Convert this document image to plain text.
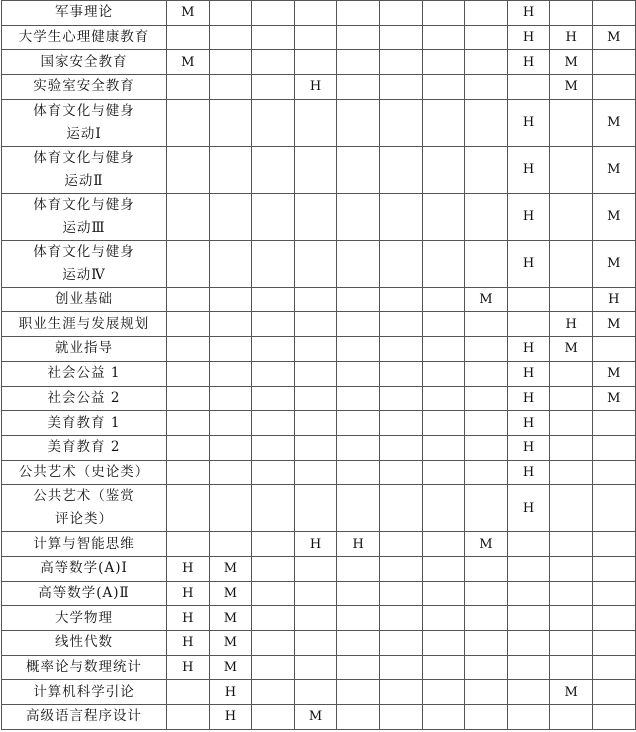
军事理论	M								H		
大学生心理健康教育									H	H	M
国家安全教育	M								H	M	
实验室安全教育				H						M	
体育文化与健身运动Ⅰ									H		M
体育文化与健身运动Ⅱ									H		M
体育文化与健身运动Ⅲ									H		M
体育文化与健身运动Ⅳ									H		M
创业基础								M			H
职业生涯与发展规划										H	M
就业指导									H	M	
社会公益 1									H		M
社会公益 2									H		M
美育教育 1									H		
美育教育 2									H		
公共艺术（史论类）									H		
公共艺术（鉴赏评论类）									H		
计算与智能思维				H	H			M			
高等数学(A)Ⅰ	H	M									
高等数学(A)Ⅱ	H	M									
大学物理	H	M									
线性代数	H	M									
概率论与数理统计	H	M									
计算机科学引论		H								M	
高级语言程序设计		H		M							
